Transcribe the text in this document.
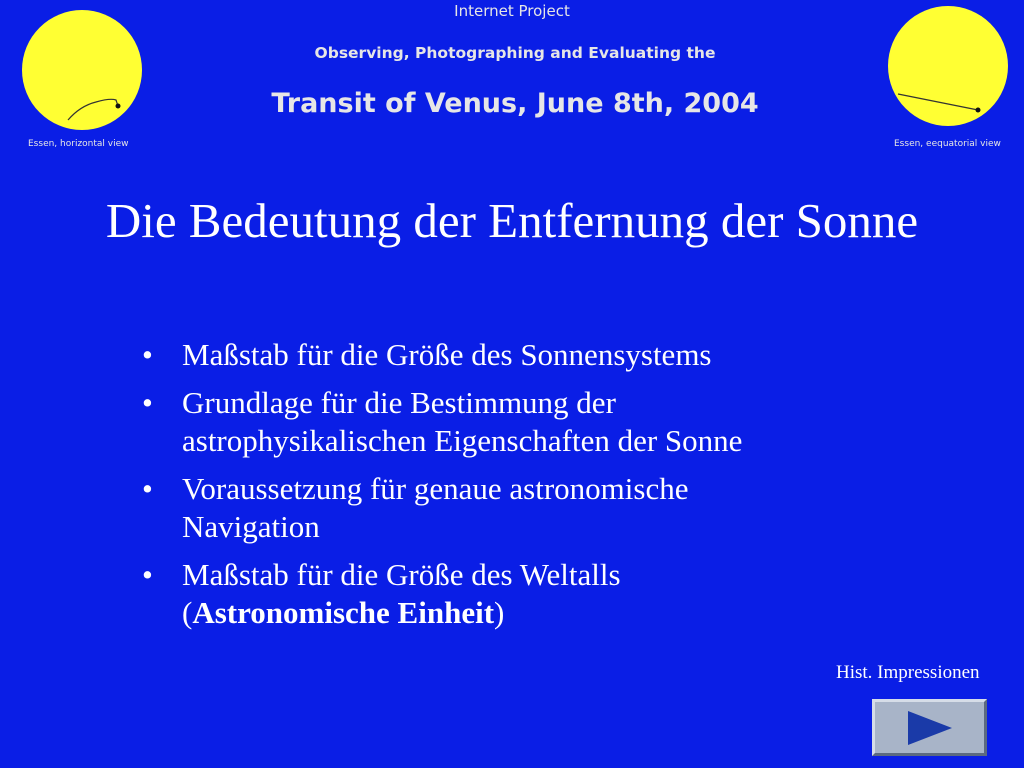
Internet Project
Observing, Photographing and Evaluating the
Transit of Venus, June 8th, 2004
Essen, horizontal view	Essen, eequatorial view
Die Bedeutung der Entfernung der Sonne
• Maßstab für die Größe des Sonnensystems
• Grundlage für die Bestimmung der
astrophysikalischen Eigenschaften der Sonne
• Voraussetzung für genaue astronomische
Navigation
• Maßstab für die Größe des Weltalls
(Astronomische Einheit)
Hist. Impressionen
